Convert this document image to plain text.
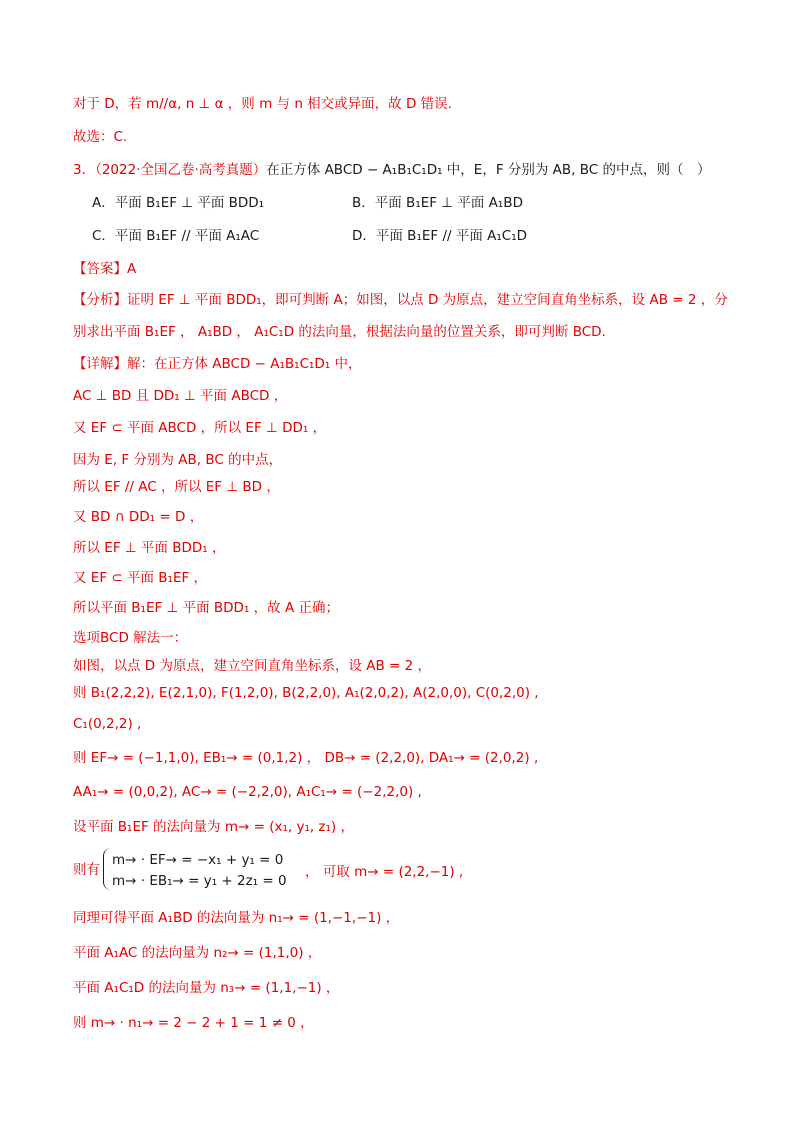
对于 D，若 m//α, n ⊥ α ，则 m 与 n 相交或异面，故 D 错误.
故选：C.
3．（2022·全国乙卷·高考真题）在正方体 ABCD − A₁B₁C₁D₁ 中，E，F 分别为 AB, BC 的中点，则（　）
A．平面 B₁EF ⊥ 平面 BDD₁	B．平面 B₁EF ⊥ 平面 A₁BD
C．平面 B₁EF // 平面 A₁AC	D．平面 B₁EF // 平面 A₁C₁D
【答案】A
【分析】证明 EF ⊥ 平面 BDD₁，即可判断 A；如图，以点 D 为原点，建立空间直角坐标系，设 AB = 2 ，分
别求出平面 B₁EF ， A₁BD ， A₁C₁D 的法向量，根据法向量的位置关系，即可判断 BCD.
【详解】解：在正方体 ABCD − A₁B₁C₁D₁ 中，
AC ⊥ BD 且 DD₁ ⊥ 平面 ABCD ，
又 EF ⊂ 平面 ABCD ，所以 EF ⊥ DD₁ ，
因为 E, F 分别为 AB, BC 的中点，
所以 EF // AC ，所以 EF ⊥ BD ，
又 BD ∩ DD₁ = D ，
所以 EF ⊥ 平面 BDD₁ ，
又 EF ⊂ 平面 B₁EF ，
所以平面 B₁EF ⊥ 平面 BDD₁ ，故 A 正确；
选项BCD 解法一：
如图，以点 D 为原点，建立空间直角坐标系，设 AB = 2 ，
则 B₁(2,2,2), E(2,1,0), F(1,2,0), B(2,2,0), A₁(2,0,2), A(2,0,0), C(0,2,0) ,
C₁(0,2,2) ,
则 EF→ = (−1,1,0), EB₁→ = (0,1,2) ， DB→ = (2,2,0), DA₁→ = (2,0,2) ,
AA₁→ = (0,0,2), AC→ = (−2,2,0), A₁C₁→ = (−2,2,0) ,
设平面 B₁EF 的法向量为 m→ = (x₁, y₁, z₁) ，
则有
m→ · EF→ = −x₁ + y₁ = 0
m→ · EB₁→ = y₁ + 2z₁ = 0
， 可取 m→ = (2,2,−1) ,
同理可得平面 A₁BD 的法向量为 n₁→ = (1,−1,−1) ，
平面 A₁AC 的法向量为 n₂→ = (1,1,0) ，
平面 A₁C₁D 的法向量为 n₃→ = (1,1,−1) ，
则 m→ · n₁→ = 2 − 2 + 1 = 1 ≠ 0 ，
